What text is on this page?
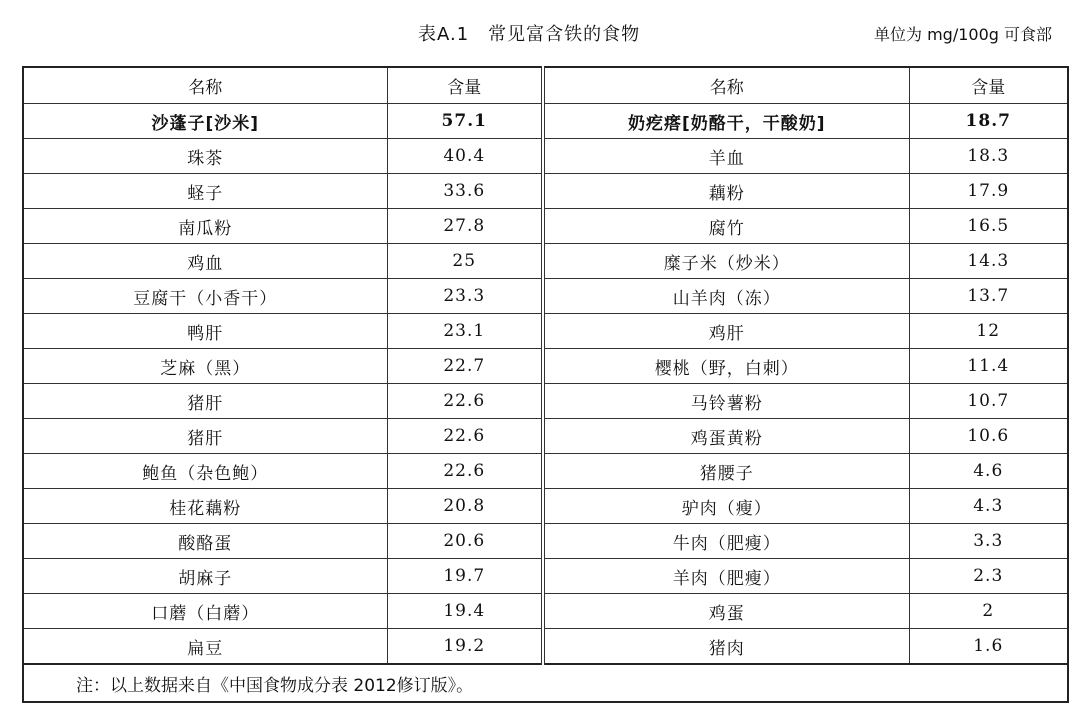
表A.1　常见富含铁的食物	单位为 mg/100g 可食部
名称	含量	名称	含量
沙蓬子[沙米]	57.1	奶疙瘩[奶酪干，干酸奶]	18.7
珠茶	40.4	羊血	18.3
蛏子	33.6	藕粉	17.9
南瓜粉	27.8	腐竹	16.5
鸡血	25	糜子米（炒米）	14.3
豆腐干（小香干）	23.3	山羊肉（冻）	13.7
鸭肝	23.1	鸡肝	12
芝麻（黑）	22.7	樱桃（野，白刺）	11.4
猪肝	22.6	马铃薯粉	10.7
猪肝	22.6	鸡蛋黄粉	10.6
鲍鱼（杂色鲍）	22.6	猪腰子	4.6
桂花藕粉	20.8	驴肉（瘦）	4.3
酸酪蛋	20.6	牛肉（肥瘦）	3.3
胡麻子	19.7	羊肉（肥瘦）	2.3
口蘑（白蘑）	19.4	鸡蛋	2
扁豆	19.2	猪肉	1.6
注：以上数据来自《中国食物成分表 2012修订版》。			
